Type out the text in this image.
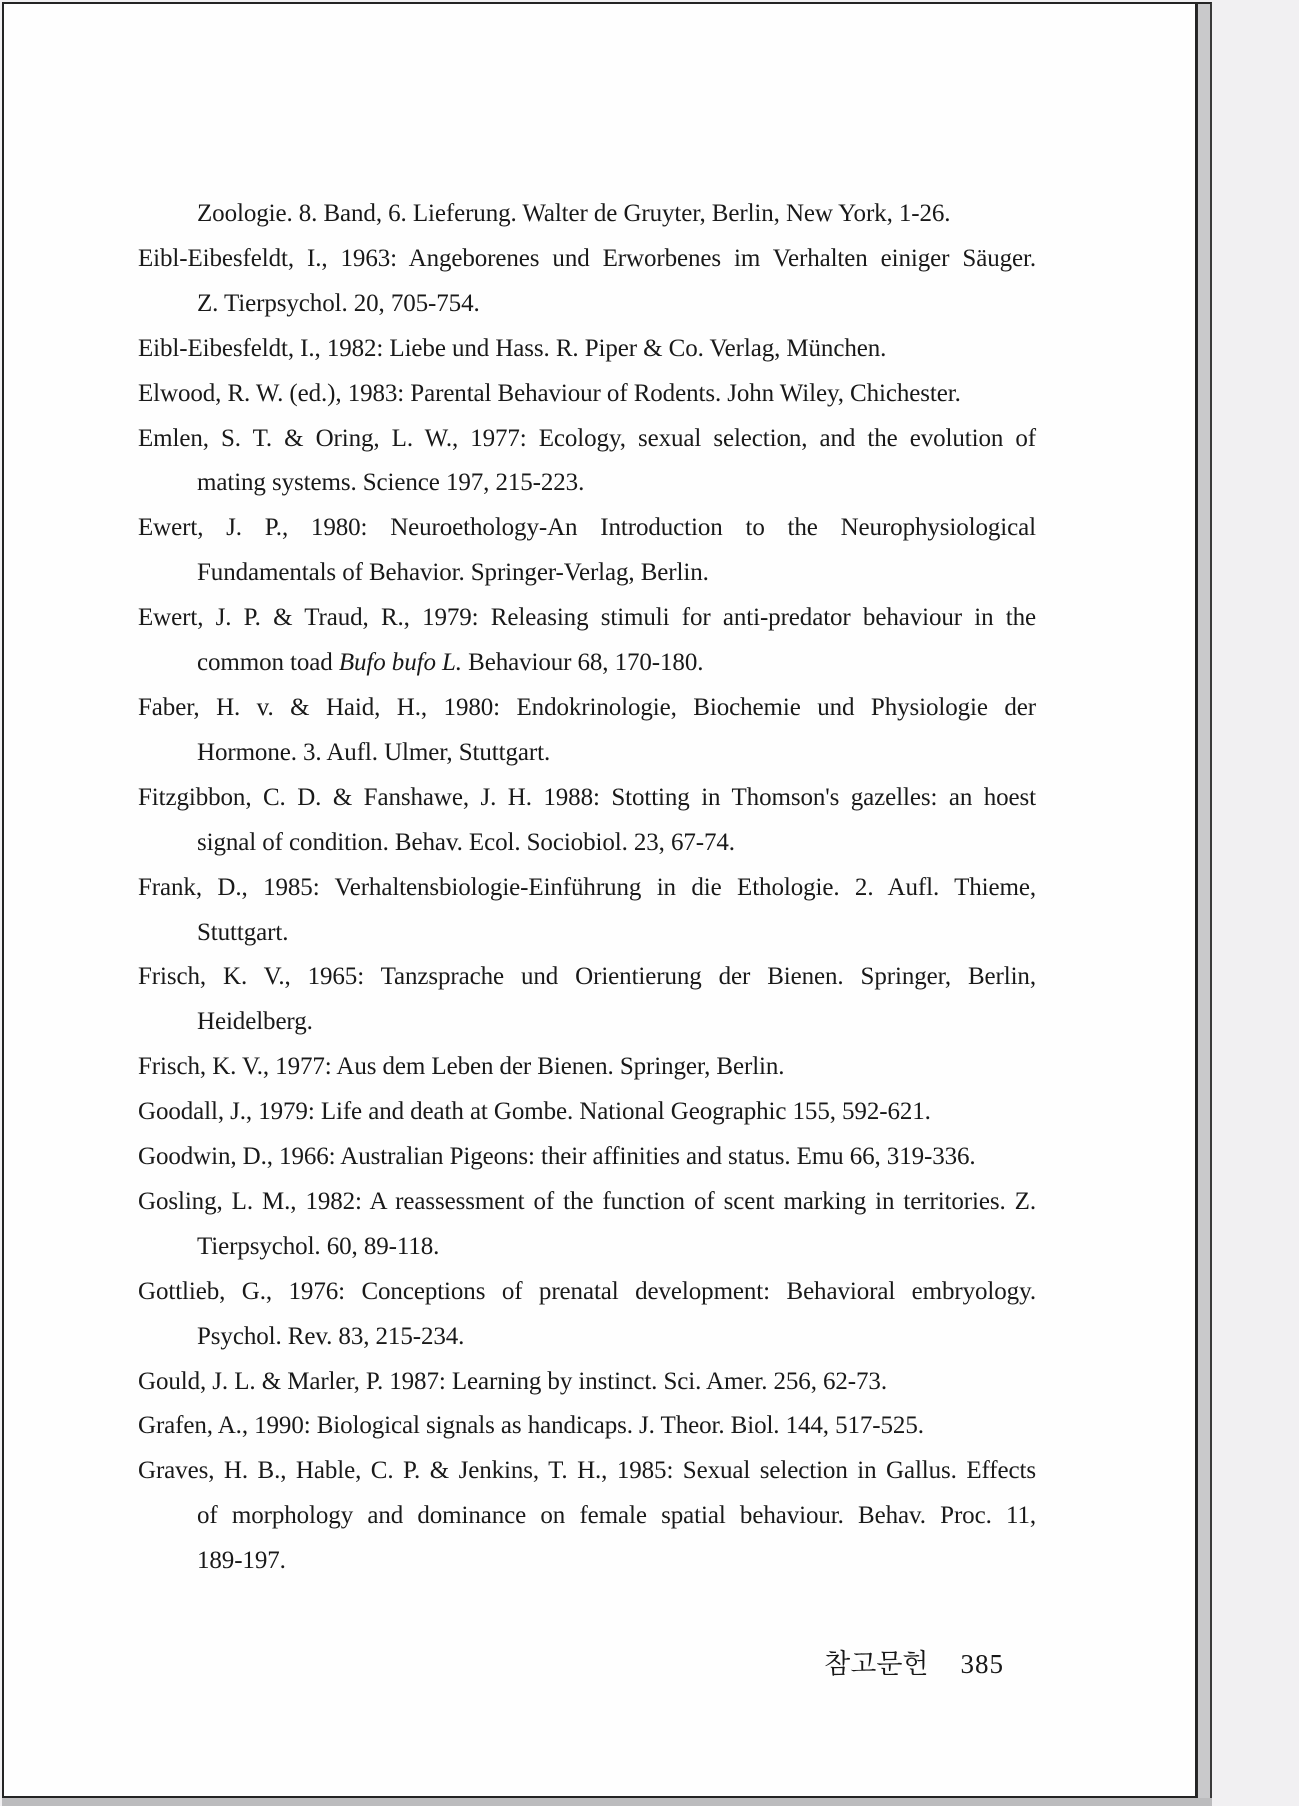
Zoologie. 8. Band, 6. Lieferung. Walter de Gruyter, Berlin, New York, 1-26.
Eibl-Eibesfeldt, I., 1963: Angeborenes und Erworbenes im Verhalten einiger Säuger.
Z. Tierpsychol. 20, 705-754.
Eibl-Eibesfeldt, I., 1982: Liebe und Hass. R. Piper & Co. Verlag, München.
Elwood, R. W. (ed.), 1983: Parental Behaviour of Rodents. John Wiley, Chichester.
Emlen, S. T. & Oring, L. W., 1977: Ecology, sexual selection, and the evolution of
mating systems. Science 197, 215-223.
Ewert, J. P., 1980: Neuroethology-An Introduction to the Neurophysiological
Fundamentals of Behavior. Springer-Verlag, Berlin.
Ewert, J. P. & Traud, R., 1979: Releasing stimuli for anti-predator behaviour in the
common toad Bufo bufo L. Behaviour 68, 170-180.
Faber, H. v. & Haid, H., 1980: Endokrinologie, Biochemie und Physiologie der
Hormone. 3. Aufl. Ulmer, Stuttgart.
Fitzgibbon, C. D. & Fanshawe, J. H. 1988: Stotting in Thomson's gazelles: an hoest
signal of condition. Behav. Ecol. Sociobiol. 23, 67-74.
Frank, D., 1985: Verhaltensbiologie-Einführung in die Ethologie. 2. Aufl. Thieme,
Stuttgart.
Frisch, K. V., 1965: Tanzsprache und Orientierung der Bienen. Springer, Berlin,
Heidelberg.
Frisch, K. V., 1977: Aus dem Leben der Bienen. Springer, Berlin.
Goodall, J., 1979: Life and death at Gombe. National Geographic 155, 592-621.
Goodwin, D., 1966: Australian Pigeons: their affinities and status. Emu 66, 319-336.
Gosling, L. M., 1982: A reassessment of the function of scent marking in territories. Z.
Tierpsychol. 60, 89-118.
Gottlieb, G., 1976: Conceptions of prenatal development: Behavioral embryology.
Psychol. Rev. 83, 215-234.
Gould, J. L. & Marler, P. 1987: Learning by instinct. Sci. Amer. 256, 62-73.
Grafen, A., 1990: Biological signals as handicaps. J. Theor. Biol. 144, 517-525.
Graves, H. B., Hable, C. P. & Jenkins, T. H., 1985: Sexual selection in Gallus. Effects
of morphology and dominance on female spatial behaviour. Behav. Proc. 11,
189-197.
참고문헌 385
